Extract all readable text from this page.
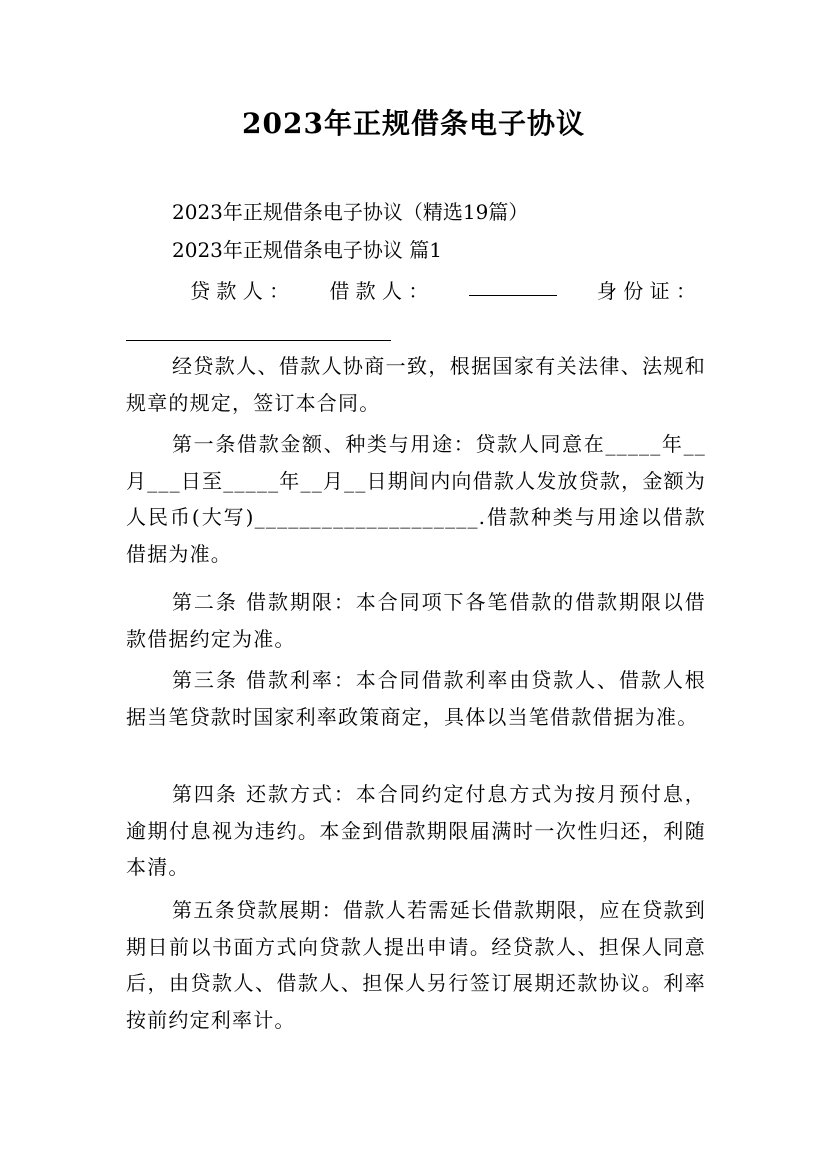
2023年正规借条电子协议
2023年正规借条电子协议（精选19篇）
2023年正规借条电子协议 篇1
贷 款 人 ： 借 款 人 ：	身 份 证 ：
经贷款人、借款人协商一致，根据国家有关法律、法规和规章的规定，签订本合同。
第一条借款金额、种类与用途：贷款人同意在_____年__月___日至_____年__月__日期间内向借款人发放贷款，金额为人民币(大写)____________________.借款种类与用途以借款借据为准。
第二条 借款期限：本合同项下各笔借款的借款期限以借款借据约定为准。
第三条 借款利率：本合同借款利率由贷款人、借款人根据当笔贷款时国家利率政策商定，具体以当笔借款借据为准。
第四条 还款方式：本合同约定付息方式为按月预付息，逾期付息视为违约。本金到借款期限届满时一次性归还，利随本清。
第五条贷款展期：借款人若需延长借款期限，应在贷款到期日前以书面方式向贷款人提出申请。经贷款人、担保人同意后，由贷款人、借款人、担保人另行签订展期还款协议。利率按前约定利率计。
